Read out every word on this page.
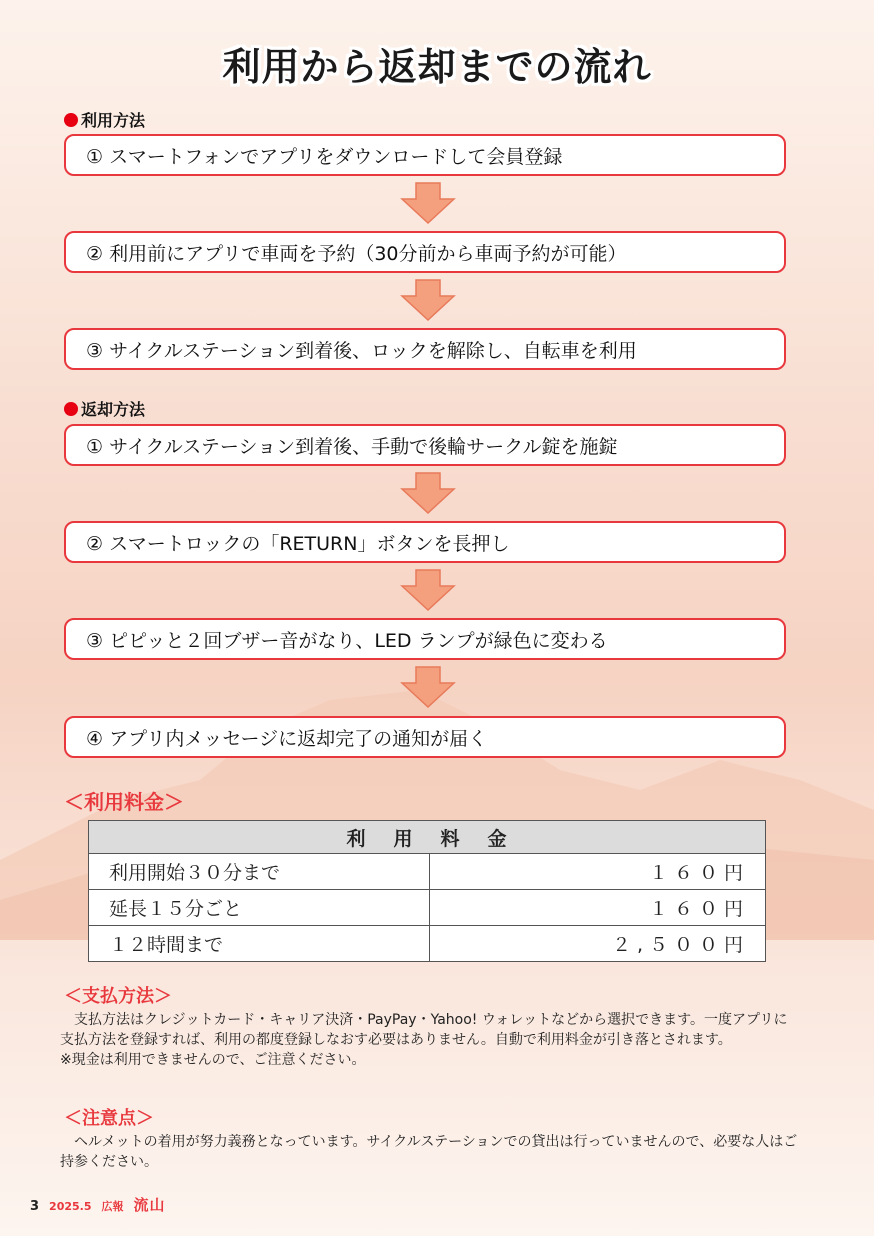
利用から返却までの流れ
利用方法
① スマートフォンでアプリをダウンロードして会員登録
② 利用前にアプリで車両を予約（30分前から車両予約が可能）
③ サイクルステーション到着後、ロックを解除し、自転車を利用
返却方法
① サイクルステーション到着後、手動で後輪サークル錠を施錠
② スマートロックの「RETURN」ボタンを長押し
③ ピピッと２回ブザー音がなり、LED ランプが緑色に変わる
④ アプリ内メッセージに返却完了の通知が届く
＜利用料金＞
利用料金	
利用開始３０分まで	１６０円
延長１５分ごと	１６０円
１２時間まで	２,５００円
＜支払方法＞
　支払方法はクレジットカード・キャリア決済・PayPay・Yahoo! ウォレットなどから選択できます。一度アプリに支払方法を登録すれば、利用の都度登録しなおす必要はありません。自動で利用料金が引き落とされます。
※現金は利用できませんので、ご注意ください。
＜注意点＞
　ヘルメットの着用が努力義務となっています。サイクルステーションでの貸出は行っていませんので、必要な人はご持参ください。
3 2025.5 広報 流山
